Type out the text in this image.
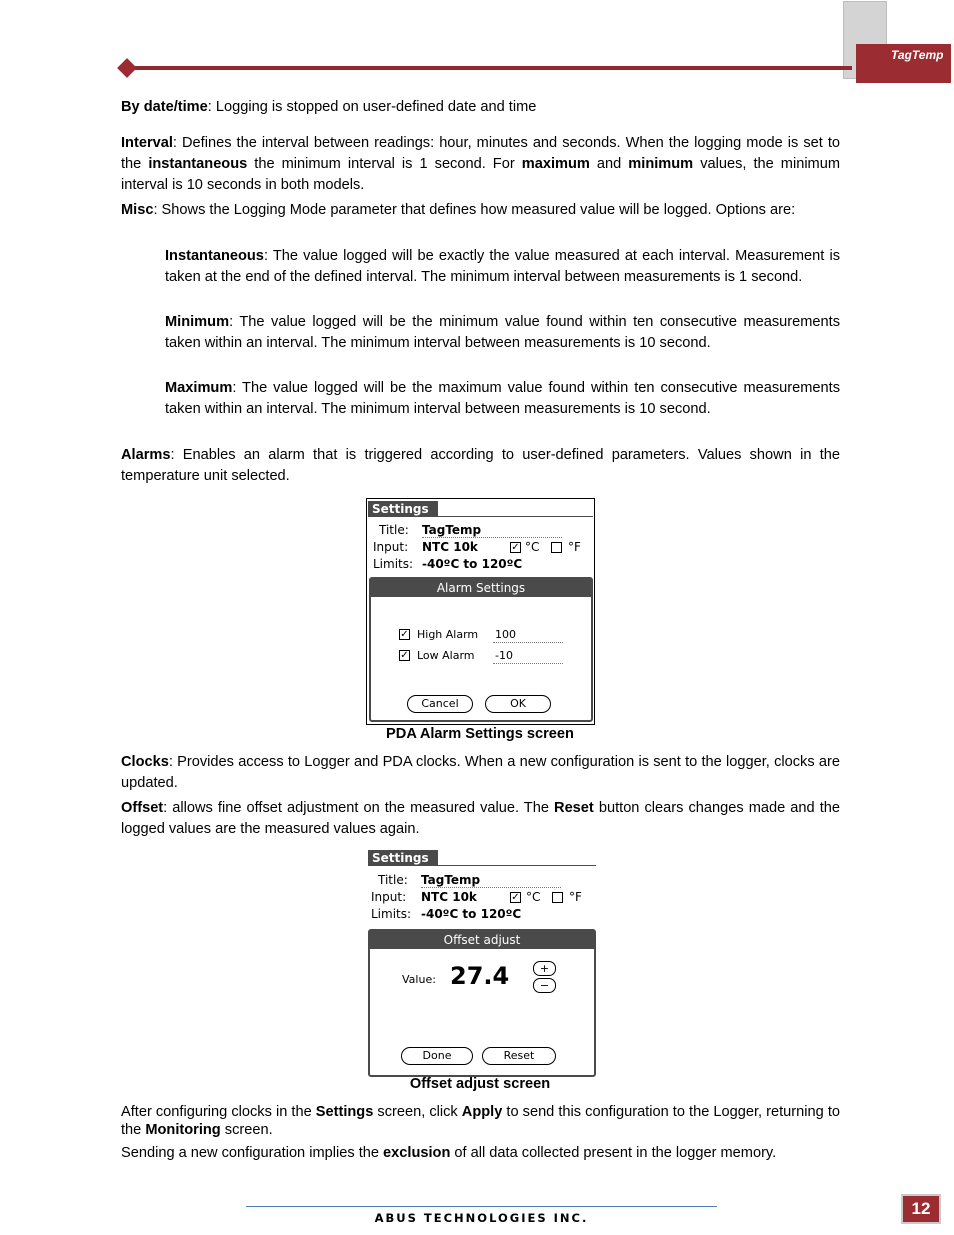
TagTemp
By date/time: Logging is stopped on user-defined date and time
Interval: Defines the interval between readings: hour, minutes and seconds. When the logging mode is set to the instantaneous the minimum interval is 1 second. For maximum and minimum values, the minimum interval is 10 seconds in both models.
Misc: Shows the Logging Mode parameter that defines how measured value will be logged. Options are:
Instantaneous: The value logged will be exactly the value measured at each interval. Measurement is taken at the end of the defined interval. The minimum interval between measurements is 1 second.
Minimum: The value logged will be the minimum value found within ten consecutive measurements taken within an interval. The minimum interval between measurements is 10 second.
Maximum: The value logged will be the maximum value found within ten consecutive measurements taken within an interval. The minimum interval between measurements is 10 second.
Alarms: Enables an alarm that is triggered according to user-defined parameters. Values shown in the temperature unit selected.
Settings
Title: TagTemp
Input: NTC 10k	✓ °C °F
Limits: -40ºC to 120ºC
Alarm Settings
✓ High Alarm 100
✓ Low Alarm -10
Cancel	OK
PDA Alarm Settings screen
Clocks: Provides access to Logger and PDA clocks. When a new configuration is sent to the logger, clocks are updated.
Offset: allows fine offset adjustment on the measured value. The Reset button clears changes made and the logged values are the measured values again.
Settings
Title: TagTemp
Input: NTC 10k	✓ °C °F
Limits: -40ºC to 120ºC
Offset adjust
Value: 27.4	+
−
Done	Reset
Offset adjust screen
After configuring clocks in the Settings screen, click Apply to send this configuration to the Logger, returning to the Monitoring screen.
Sending a new configuration implies the exclusion of all data collected present in the logger memory.
ABUS TECHNOLOGIES INC.	12
